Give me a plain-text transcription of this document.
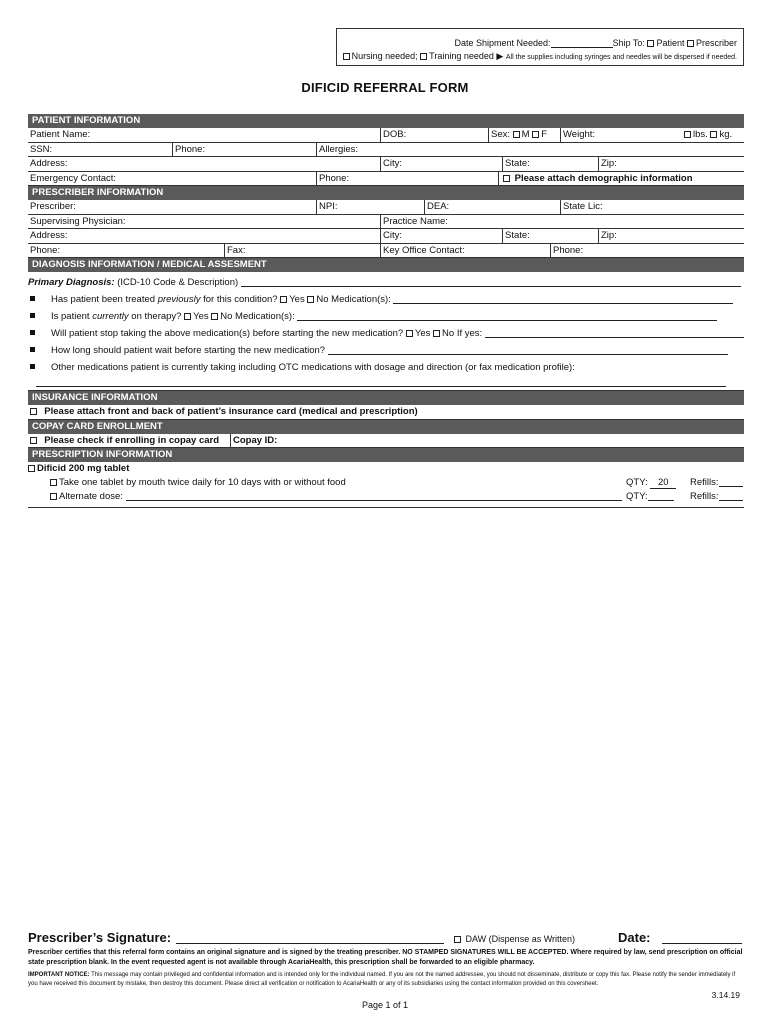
Date Shipment Needed:	Ship To: Patient Prescriber
Nursing needed; Training needed ▶ All the supplies including syringes and needles will be dispersed if needed.
DIFICID REFERRAL FORM
PATIENT INFORMATION
Patient Name:	DOB:	Sex: M F	Weight:	lbs. kg.
SSN:	Phone:	Allergies:
Address:	City:	State:	Zip:
Emergency Contact:	Phone:	Please attach demographic information
PRESCRIBER INFORMATION
Prescriber:	NPI:	DEA:	State Lic:
Supervising Physician:	Practice Name:
Address:	City:	State:	Zip:
Phone:	Fax:	Key Office Contact:	Phone:
DIAGNOSIS INFORMATION / MEDICAL ASSESMENT
Primary Diagnosis: (ICD-10 Code & Description)
Has patient been treated previously for this condition? Yes No Medication(s):
Is patient currently on therapy? Yes No Medication(s):
Will patient stop taking the above medication(s) before starting the new medication? Yes No If yes:
How long should patient wait before starting the new medication?
Other medications patient is currently taking including OTC medications with dosage and direction (or fax medication profile):
INSURANCE INFORMATION
Please attach front and back of patient’s insurance card (medical and prescription)
COPAY CARD ENROLLMENT
Please check if enrolling in copay card	Copay ID:
PRESCRIPTION INFORMATION
Dificid 200 mg tablet
Take one tablet by mouth twice daily for 10 days with or without food	QTY: 20	Refills:
Alternate dose:	QTY:	Refills:
Prescriber’s Signature:	DAW (Dispense as Written)	Date:
Prescriber certifies that this referral form contains an original signature and is signed by the treating prescriber. NO STAMPED SIGNATURES WILL BE ACCEPTED. Where required by law, send prescription on official state prescription blank. In the event requested agent is not available through AcariaHealth, this prescription shall be forwarded to an eligible pharmacy.
IMPORTANT NOTICE: This message may contain privileged and confidential information and is intended only for the individual named. If you are not the named addressee, you should not disseminate, distribute or copy this fax. Please notify the sender immediately if you have received this document by mistake, then destroy this document. Please direct all verification or notification to AcariaHealth or any of its subsidiaries using the contact information provided on this coversheet.
3.14.19
Page 1 of 1
